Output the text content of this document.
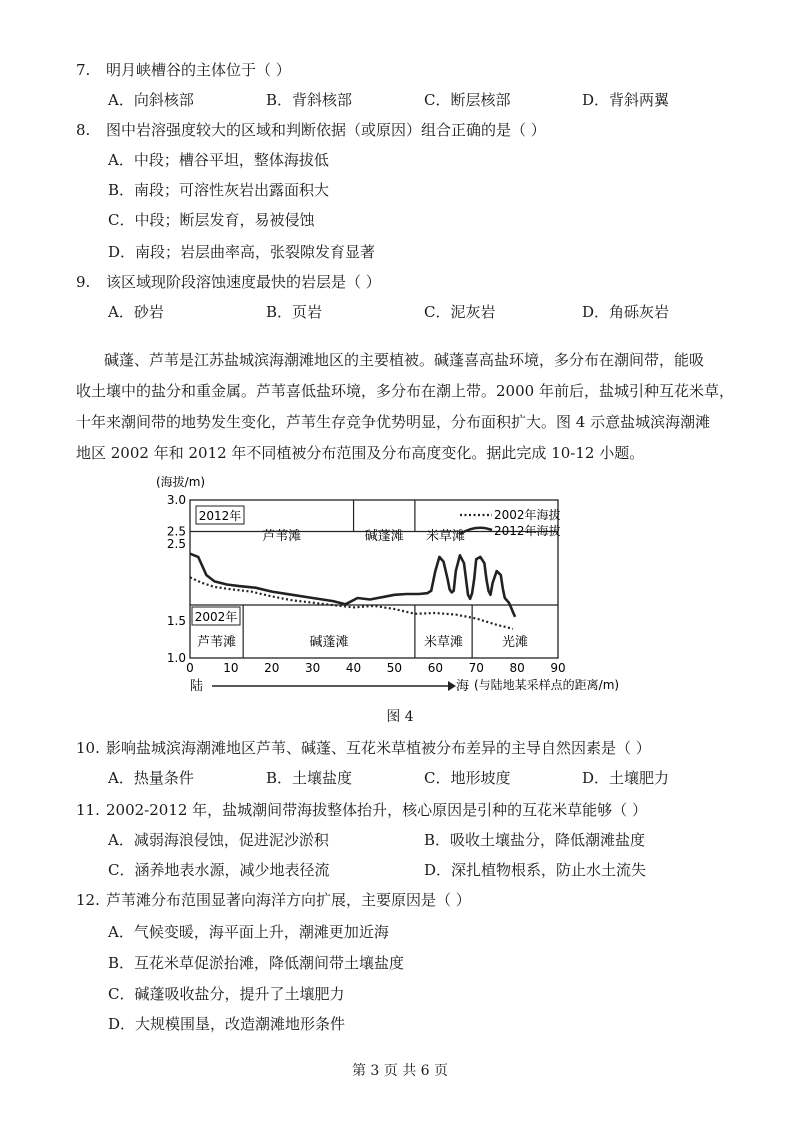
7. 明月峡槽谷的主体位于（ ）
A．向斜核部	B．背斜核部	C．断层核部	D．背斜两翼
8. 图中岩溶强度较大的区域和判断依据（或原因）组合正确的是（ ）
A．中段；槽谷平坦，整体海拔低
B．南段；可溶性灰岩出露面积大
C．中段；断层发育，易被侵蚀
D．南段；岩层曲率高，张裂隙发育显著
9. 该区域现阶段溶蚀速度最快的岩层是（ ）
A．砂岩	B．页岩	C．泥灰岩	D．角砾灰岩
碱蓬、芦苇是江苏盐城滨海潮滩地区的主要植被。碱蓬喜高盐环境，多分布在潮间带，能吸
收土壤中的盐分和重金属。芦苇喜低盐环境，多分布在潮上带。2000 年前后，盐城引种互花米草，
十年来潮间带的地势发生变化，芦苇生存竞争优势明显，分布面积扩大。图 4 示意盐城滨海潮滩
地区 2002 年和 2012 年不同植被分布范围及分布高度变化。据此完成 10-12 小题。
(海拔/m)
芦苇滩	碱蓬滩 米草滩
芦苇滩	碱蓬滩	米草滩	光滩
2012年
2002年
3.0
2.5
2.5
1.5
1.0
0 10 20 30 40 50 60 70 80 90
2002年海拔
2012年海拔
陆	海 (与陆地某采样点的距离/m)
图 4
10. 影响盐城滨海潮滩地区芦苇、碱蓬、互花米草植被分布差异的主导自然因素是（ ）
A．热量条件	B．土壤盐度	C．地形坡度	D．土壤肥力
11. 2002-2012 年，盐城潮间带海拔整体抬升，核心原因是引种的互花米草能够（ ）
A．减弱海浪侵蚀，促进泥沙淤积	B．吸收土壤盐分，降低潮滩盐度
C．涵养地表水源，减少地表径流	D．深扎植物根系，防止水土流失
12. 芦苇滩分布范围显著向海洋方向扩展，主要原因是（ ）
A．气候变暖，海平面上升，潮滩更加近海
B．互花米草促淤抬滩，降低潮间带土壤盐度
C．碱蓬吸收盐分，提升了土壤肥力
D．大规模围垦，改造潮滩地形条件
第 3 页 共 6 页
